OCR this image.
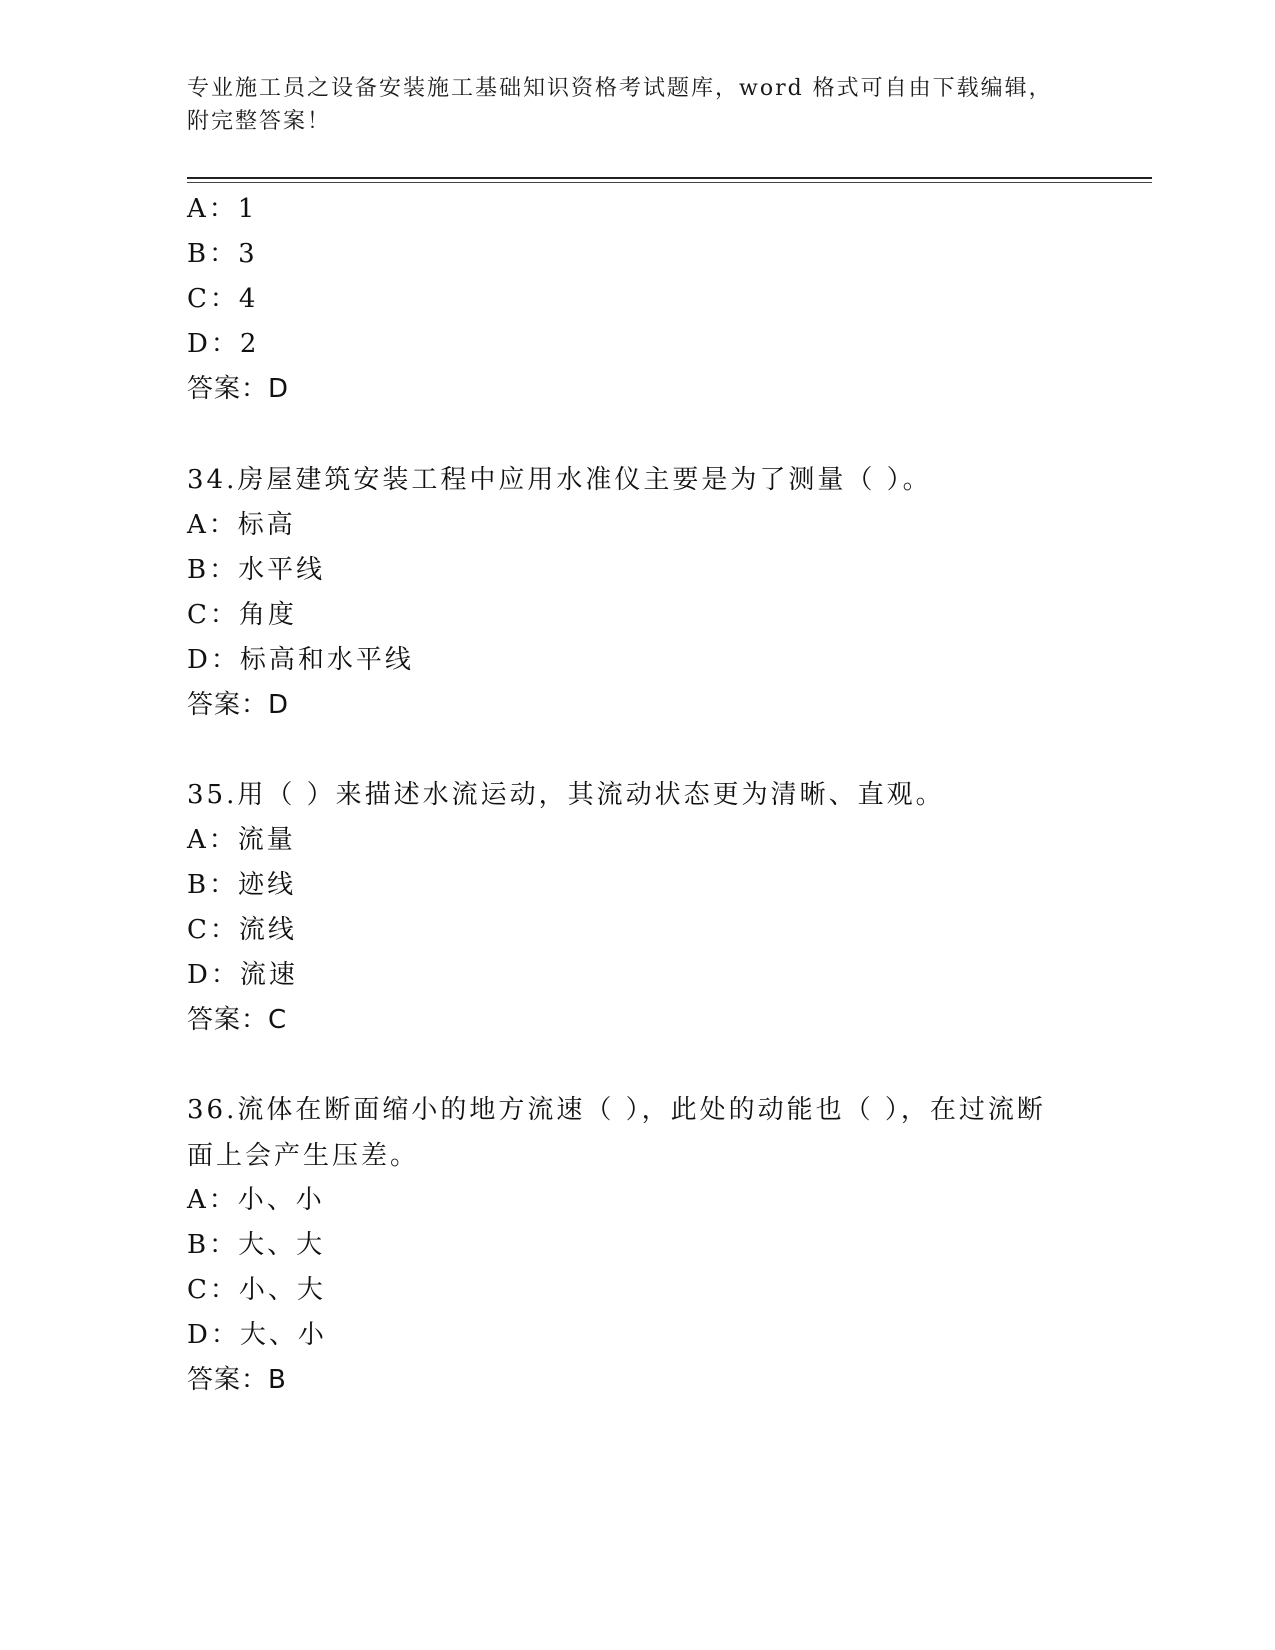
专业施工员之设备安装施工基础知识资格考试题库，word 格式可自由下载编辑，附完整答案！
A：1
B：3
C：4
D：2
答案：D
34.房屋建筑安装工程中应用水准仪主要是为了测量（ ）。
A：标高
B：水平线
C：角度
D：标高和水平线
答案：D
35.用（ ）来描述水流运动，其流动状态更为清晰、直观。
A：流量
B：迹线
C：流线
D：流速
答案：C
36.流体在断面缩小的地方流速（ ），此处的动能也（ ），在过流断面上会产生压差。
A：小、小
B：大、大
C：小、大
D：大、小
答案：B
